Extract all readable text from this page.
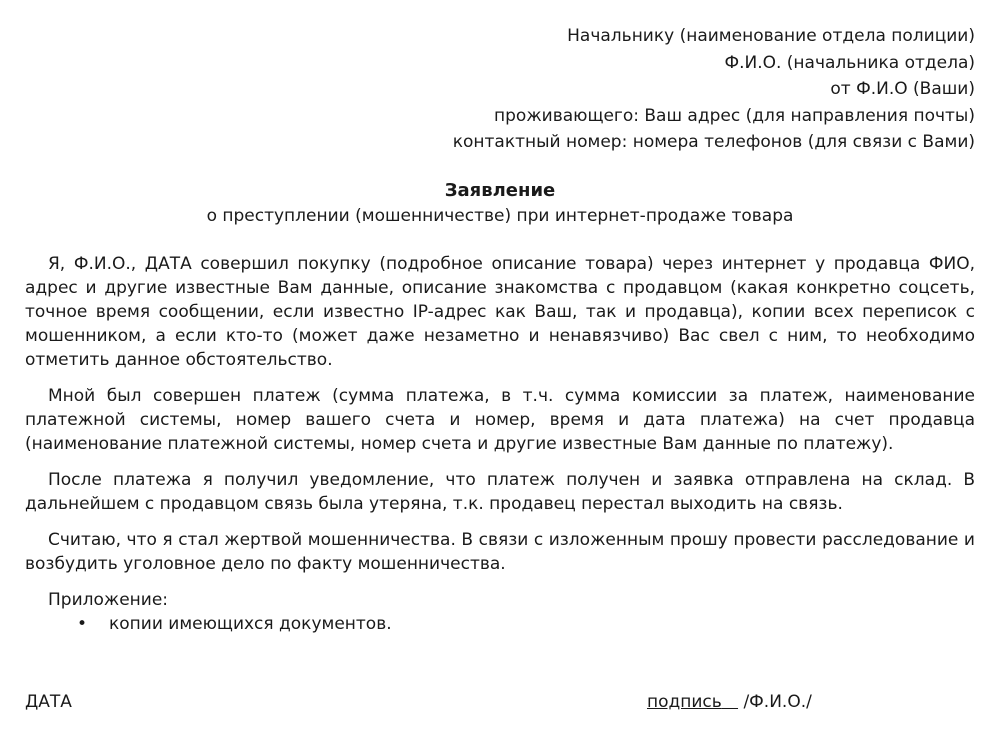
Начальнику (наименование отдела полиции)
Ф.И.О. (начальника отдела)
от Ф.И.О (Ваши)
проживающего: Ваш адрес (для направления почты)
контактный номер: номера телефонов (для связи с Вами)
Заявление
о преступлении (мошенничестве) при интернет-продаже товара

Я, Ф.И.О., ДАТА совершил покупку (подробное описание товара) через интернет у продавца ФИО, адрес и другие известные Вам данные, описание знакомства с продавцом (какая конкретно соцсеть, точное время сообщении, если известно IP-адрес как Ваш, так и продавца), копии всех переписок с мошенником, а если кто-то (может даже незаметно и ненавязчиво) Вас свел с ним, то необходимо отметить данное обстоятельство.

Мной был совершен платеж (сумма платежа, в т.ч. сумма комиссии за платеж, наименование платежной системы, номер вашего счета и номер, время и дата платежа) на счет продавца (наименование платежной системы, номер счета и другие известные Вам данные по платежу).

После платежа я получил уведомление, что платеж получен и заявка отправлена на склад. В дальнейшем с продавцом связь была утеряна, т.к. продавец перестал выходить на связь.

Считаю, что я стал жертвой мошенничества. В связи с изложенным прошу провести расследование и возбудить уголовное дело по факту мошенничества.

Приложение:

• копии имеющихся документов.
ДАТА	подпись /Ф.И.О./
